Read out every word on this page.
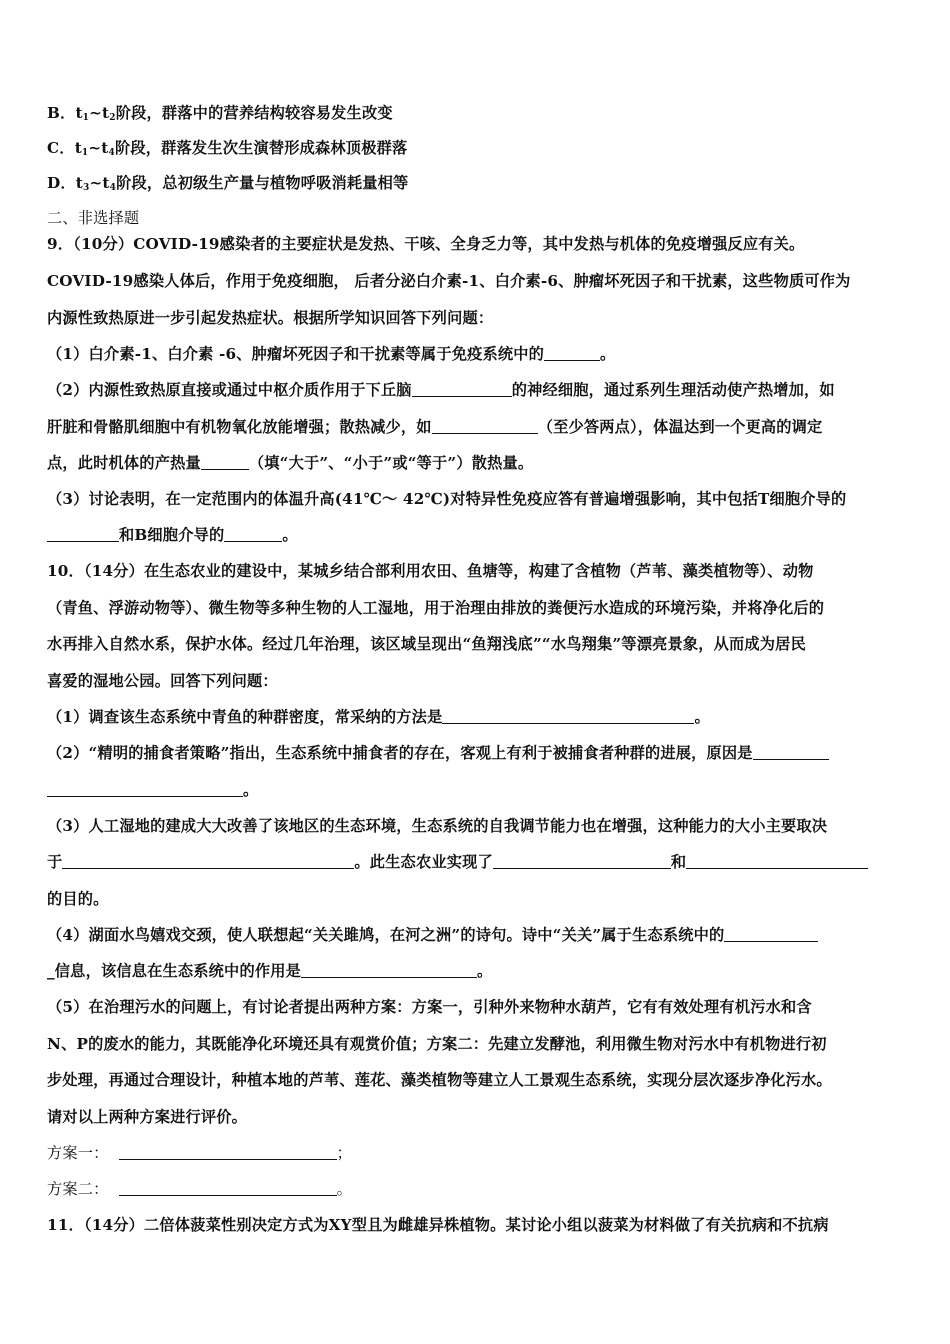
B．$t_1\sim t_2$阶段，群落中的营养结构较容易发生改变
C．$t_1\sim t_4$阶段，群落发生次生演替形成森林顶极群落
D．$t_3\sim t_4$阶段，总初级生产量与植物呼吸消耗量相等
二、非选择题
9．（10分）COVID-19感染者的主要症状是发热、干咳、全身乏力等，其中发热与机体的免疫增强反应有关。
COVID-19感染人体后，作用于免疫细胞， 后者分泌白介素-1、白介素-6、肿瘤坏死因子和干扰素，这些物质可作为
内源性致热原进一步引起发热症状。根据所学知识回答下列问题：
（1）白介素-1、白介素 -6、肿瘤坏死因子和干扰素等属于免疫系统中的	。
（2）内源性致热原直接或通过中枢介质作用于下丘脑	的神经细胞，通过系列生理活动使产热增加，如
肝脏和骨骼肌细胞中有机物氧化放能增强；散热减少，如	（至少答两点），体温达到一个更高的调定
点，此时机体的产热量	（填“大于”、“小于”或“等于”）散热量。
（3）讨论表明，在一定范围内的体温升高(41℃～ 42℃)对特异性免疫应答有普遍增强影响，其中包括T细胞介导的
和B细胞介导的	。
10．（14分）在生态农业的建设中，某城乡结合部利用农田、鱼塘等，构建了含植物（芦苇、藻类植物等）、动物
（青鱼、浮游动物等）、微生物等多种生物的人工湿地，用于治理由排放的粪便污水造成的环境污染，并将净化后的
水再排入自然水系，保护水体。经过几年治理，该区域呈现出“鱼翔浅底”“水鸟翔集”等漂亮景象，从而成为居民
喜爱的湿地公园。回答下列问题：
（1）调查该生态系统中青鱼的种群密度，常采纳的方法是	。
（2）“精明的捕食者策略”指出，生态系统中捕食者的存在，客观上有利于被捕食者种群的进展，原因是
。
（3）人工湿地的建成大大改善了该地区的生态环境，生态系统的自我调节能力也在增强，这种能力的大小主要取决
于	。此生态农业实现了	和
的目的。
（4）湖面水鸟嬉戏交颈，使人联想起“关关雎鸠，在河之洲”的诗句。诗中“关关”属于生态系统中的
_信息，该信息在生态系统中的作用是	。
（5）在治理污水的问题上，有讨论者提出两种方案：方案一，引种外来物种水葫芦，它有有效处理有机污水和含
N、P的废水的能力，其既能净化环境还具有观赏价值；方案二：先建立发酵池，利用微生物对污水中有机物进行初
步处理，再通过合理设计，种植本地的芦苇、莲花、藻类植物等建立人工景观生态系统，实现分层次逐步净化污水。
请对以上两种方案进行评价。
方案一：	；
方案二：	。
11．（14分）二倍体菠菜性别决定方式为XY型且为雌雄异株植物。某讨论小组以菠菜为材料做了有关抗病和不抗病
